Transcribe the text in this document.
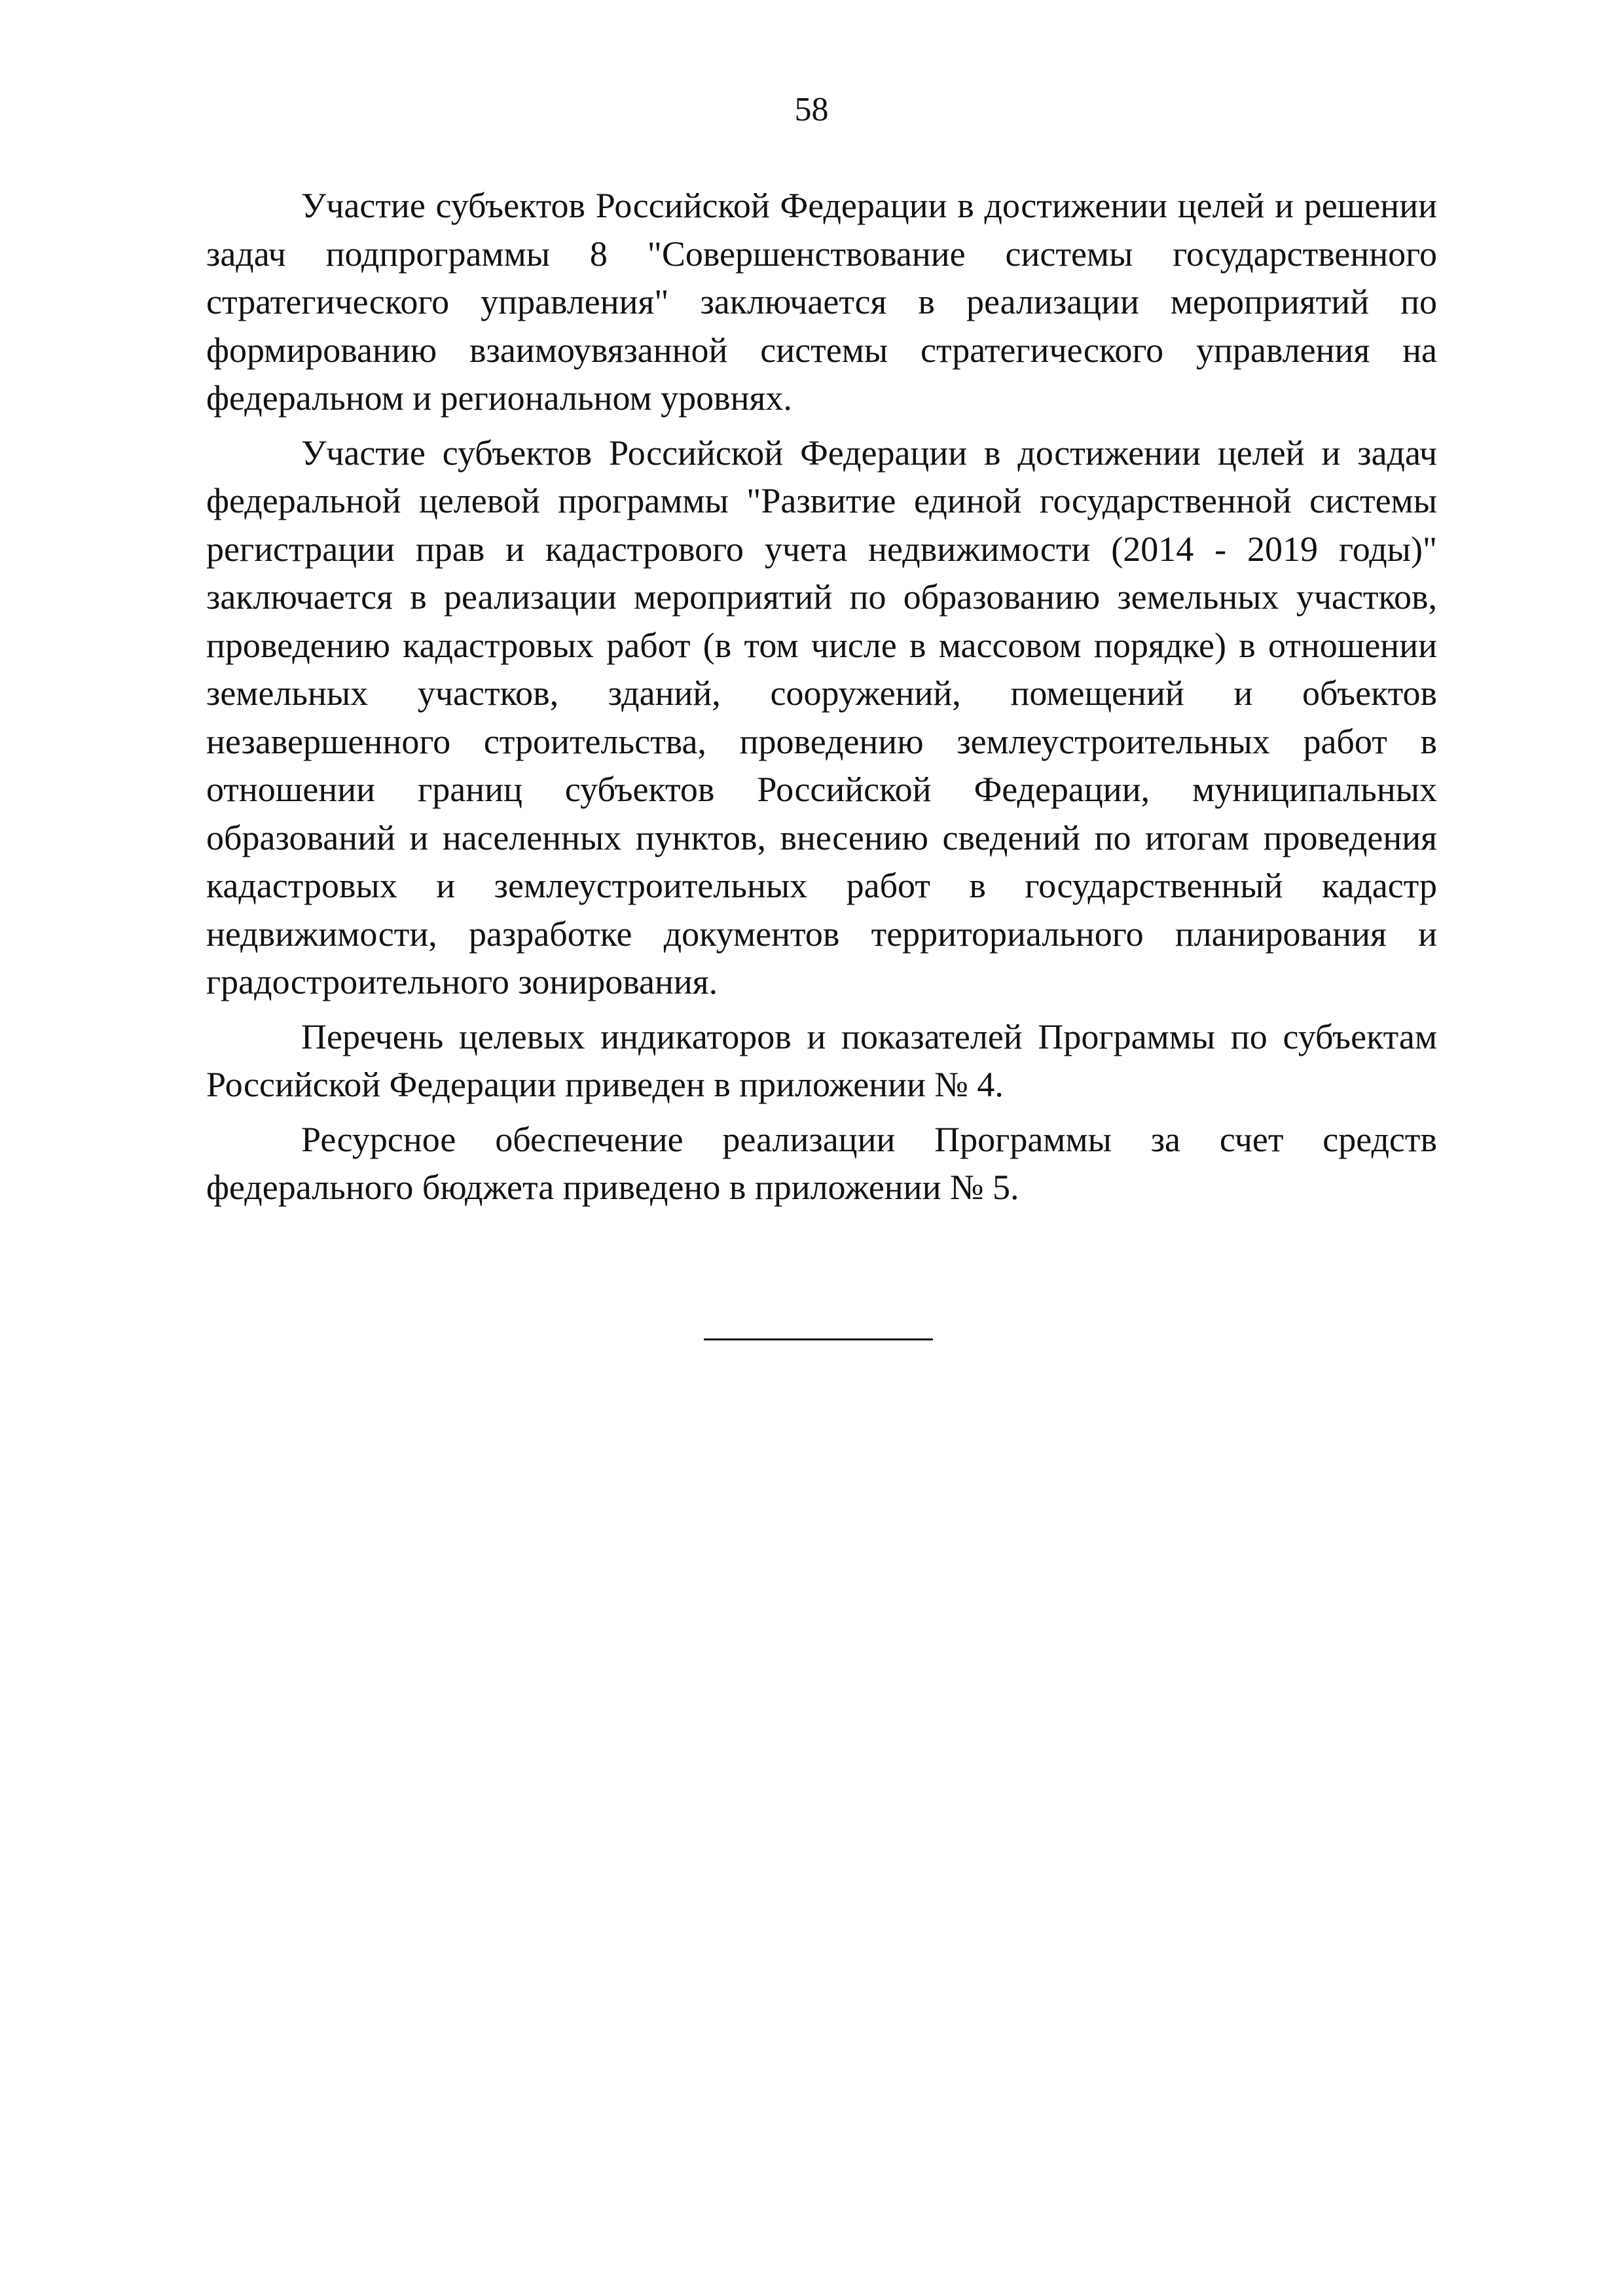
58

Участие субъектов Российской Федерации в достижении целей и решении задач подпрограммы 8 "Совершенствование системы государственного стратегического управления" заключается в реализации мероприятий по формированию взаимоувязанной системы стратегического управления на федеральном и региональном уровнях.

Участие субъектов Российской Федерации в достижении целей и задач федеральной целевой программы "Развитие единой государственной системы регистрации прав и кадастрового учета недвижимости (2014 - 2019 годы)" заключается в реализации мероприятий по образованию земельных участков, проведению кадастровых работ (в том числе в массовом порядке) в отношении земельных участков, зданий, сооружений, помещений и объектов незавершенного строительства, проведению землеустроительных работ в отношении границ субъектов Российской Федерации, муниципальных образований и населенных пунктов, внесению сведений по итогам проведения кадастровых и землеустроительных работ в государственный кадастр недвижимости, разработке документов территориального планирования и градостроительного зонирования.

Перечень целевых индикаторов и показателей Программы по субъектам Российской Федерации приведен в приложении № 4.

Ресурсное обеспечение реализации Программы за счет средств федерального бюджета приведено в приложении № 5.
